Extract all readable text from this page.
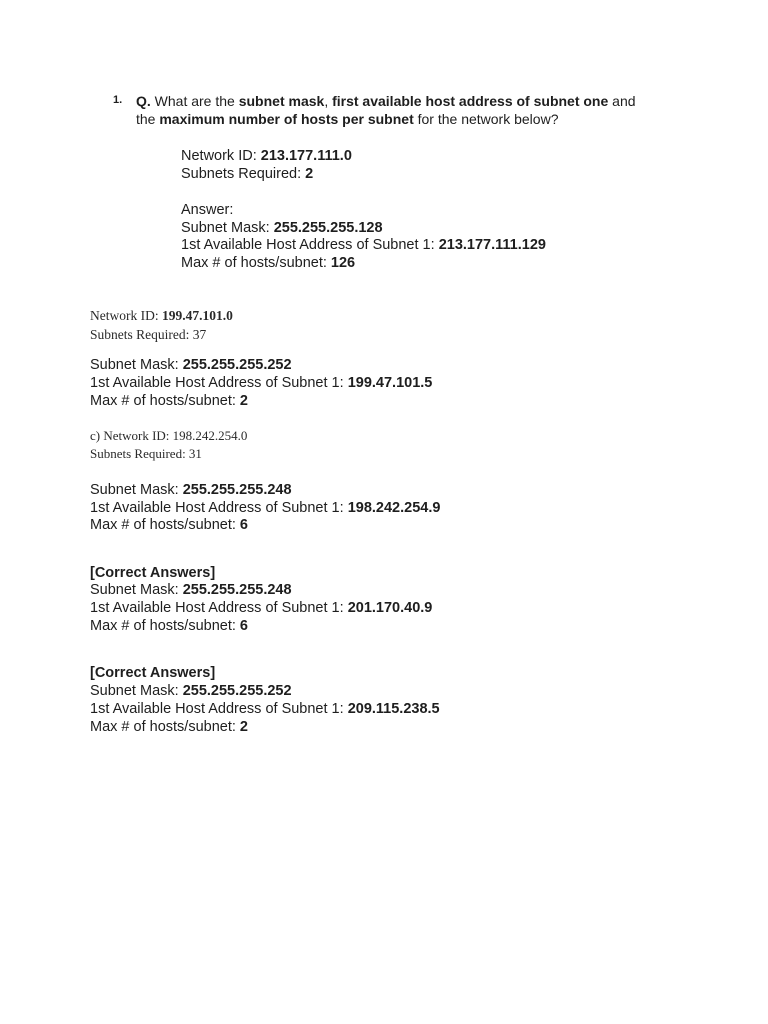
1. Q. What are the subnet mask, first available host address of subnet one and
the maximum number of hosts per subnet for the network below?
Network ID: 213.177.111.0
Subnets Required: 2
Answer:
Subnet Mask: 255.255.255.128
1st Available Host Address of Subnet 1: 213.177.111.129
Max # of hosts/subnet: 126
Network ID: 199.47.101.0
Subnets Required: 37
Subnet Mask: 255.255.255.252
1st Available Host Address of Subnet 1: 199.47.101.5
Max # of hosts/subnet: 2
c) Network ID: 198.242.254.0
Subnets Required: 31
Subnet Mask: 255.255.255.248
1st Available Host Address of Subnet 1: 198.242.254.9
Max # of hosts/subnet: 6
[Correct Answers]
Subnet Mask: 255.255.255.248
1st Available Host Address of Subnet 1: 201.170.40.9
Max # of hosts/subnet: 6
[Correct Answers]
Subnet Mask: 255.255.255.252
1st Available Host Address of Subnet 1: 209.115.238.5
Max # of hosts/subnet: 2
